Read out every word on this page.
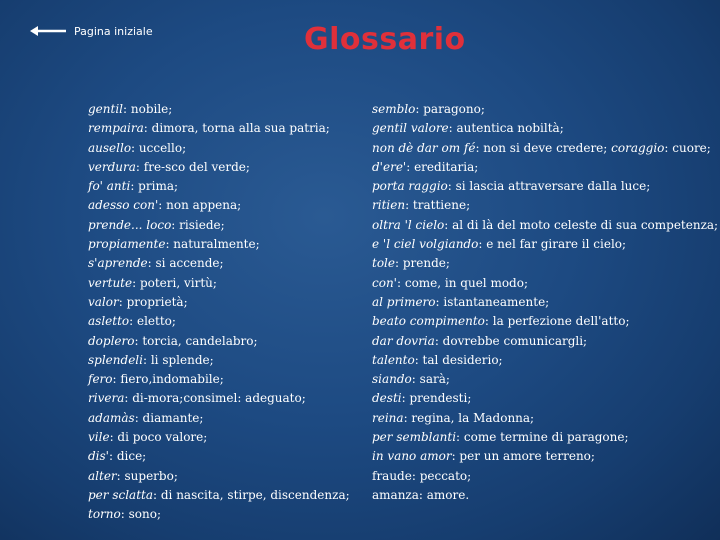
Pagina iniziale	Glossario
gentil: nobile;
rempaira: dimora, torna alla sua patria;
ausello: uccello;
verdura: fre-sco del verde;
fo' anti: prima;
adesso con': non appena;
prende... loco: risiede;
propiamente: naturalmente;
s'aprende: si accende;
vertute: poteri, virtù;
valor: proprietà;
asletto: eletto;
doplero: torcia, candelabro;
splendeli: li splende;
fero: fiero,indomabile;
rivera: di-mora;consimel: adeguato;
adamàs: diamante;
vile: di poco valore;
dis': dice;
alter: superbo;
per sclatta: di nascita, stirpe, discendenza;
torno: sono;
semblo: paragono;
gentil valore: autentica nobiltà;
non dè dar om fé: non si deve credere; coraggio: cuore;
d'ere': ereditaria;
porta raggio: si lascia attraversare dalla luce;
ritien: trattiene;
oltra 'l cielo: al di là del moto celeste di sua competenza;
e 'l ciel volgiando: e nel far girare il cielo;
tole: prende;
con': come, in quel modo;
al primero: istantaneamente;
beato compimento: la perfezione dell'atto;
dar dovria: dovrebbe comunicargli;
talento: tal desiderio;
siando: sarà;
desti: prendesti;
reina: regina, la Madonna;
per semblanti: come termine di paragone;
in vano amor: per un amore terreno;
fraude: peccato;
amanza: amore.
